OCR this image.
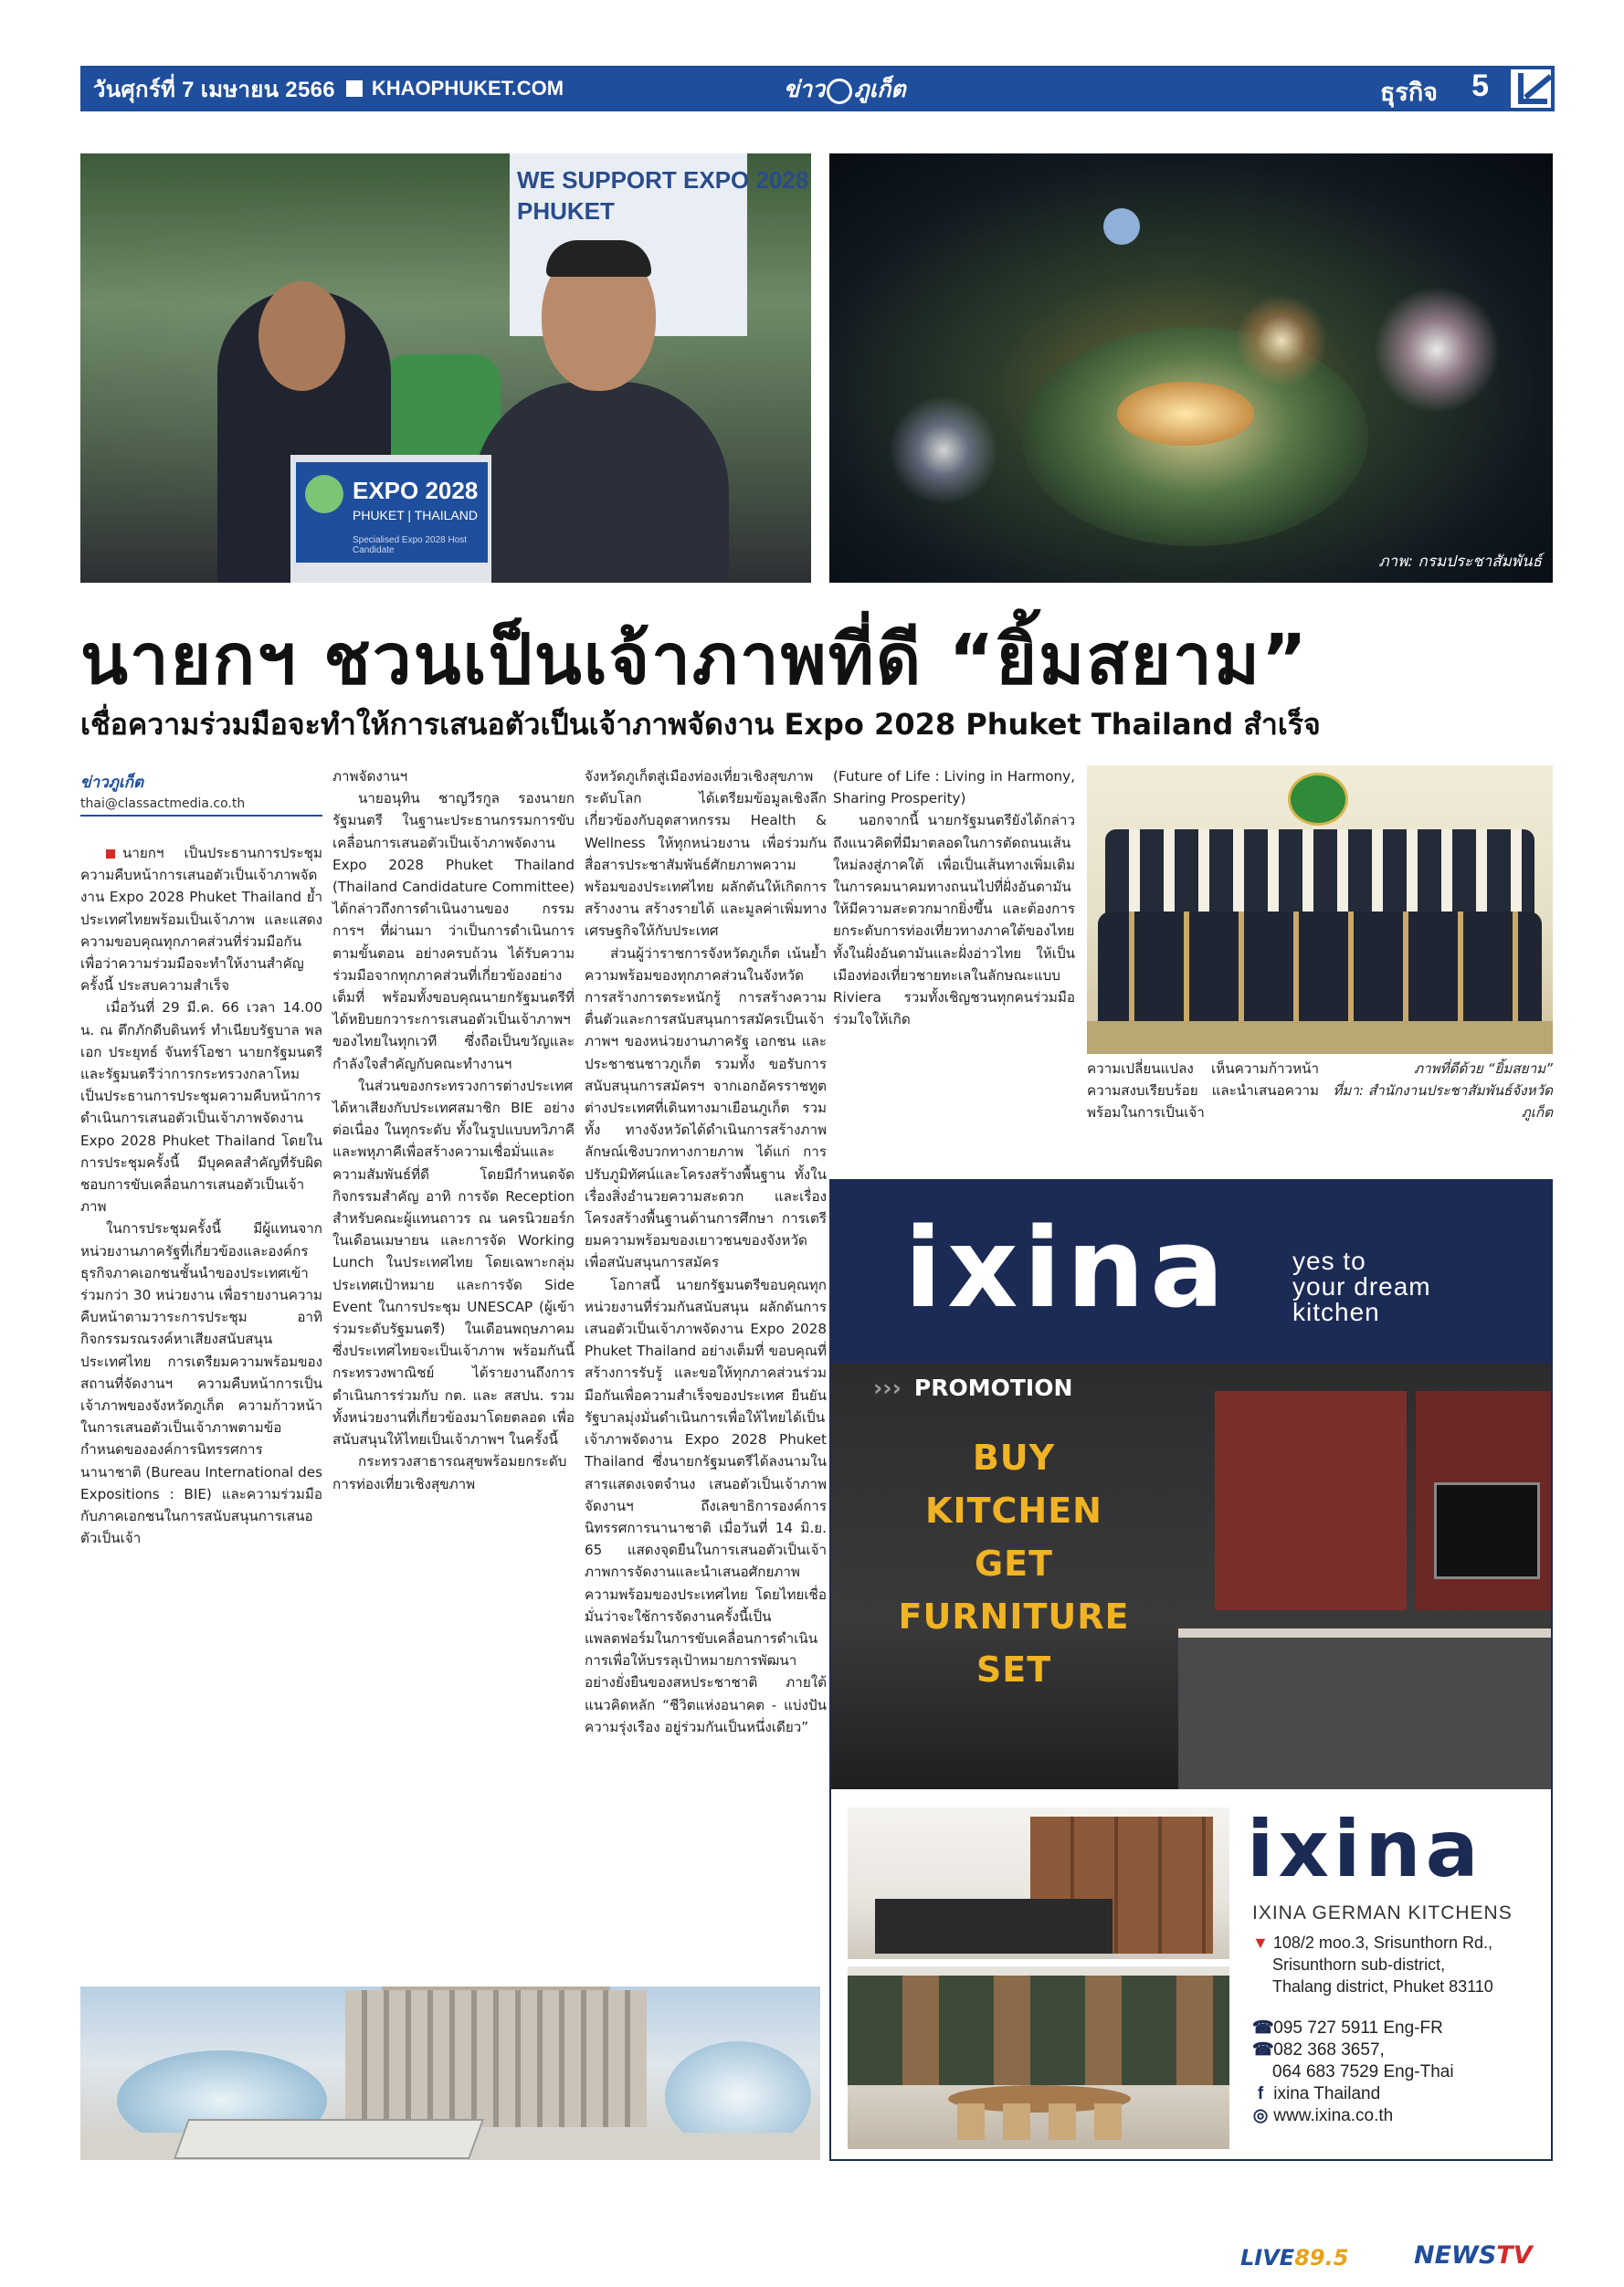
วันศุกร์ที่ 7 เมษายน 2566 KHAOPHUKET.COM	ข่าว ภูเก็ต	ธุรกิจ 5
WE SUPPORT EXPO 2028
PHUKET
EXPO 2028
PHUKET | THAILAND
Specialised Expo 2028 Host Candidate
ภาพ: กรมประชาสัมพันธ์
นายกฯ ชวนเป็นเจ้าภาพที่ดี “ยิ้มสยาม”
เชื่อความร่วมมือจะทำให้การเสนอตัวเป็นเจ้าภาพจัดงาน Expo 2028 Phuket Thailand สำเร็จ
ข่าวภูเก็ต
thai@classactmedia.co.th

นายกฯ เป็นประธานการประชุมความคืบหน้าการเสนอตัวเป็นเจ้าภาพจัดงาน Expo 2028 Phuket Thailand ย้ำประเทศไทยพร้อมเป็นเจ้าภาพ และแสดงความขอบคุณทุกภาคส่วนที่ร่วมมือกันเพื่อว่าความร่วมมือจะทำให้งานสำคัญครั้งนี้ ประสบความสำเร็จ

เมื่อวันที่ 29 มี.ค. 66 เวลา 14.00 น. ณ ตึกภักดีบดินทร์ ทำเนียบรัฐบาล พลเอก ประยุทธ์ จันทร์โอชา นายกรัฐมนตรีและรัฐมนตรีว่าการกระทรวงกลาโหม เป็นประธานการประชุมความคืบหน้าการดำเนินการเสนอตัวเป็นเจ้าภาพจัดงาน Expo 2028 Phuket Thailand โดยในการประชุมครั้งนี้ มีบุคคลสำคัญที่รับผิดชอบการขับเคลื่อนการเสนอตัวเป็นเจ้าภาพ

ในการประชุมครั้งนี้ มีผู้แทนจากหน่วยงานภาครัฐที่เกี่ยวข้องและองค์กรธุรกิจภาคเอกชนชั้นนำของประเทศเข้าร่วมกว่า 30 หน่วยงาน เพื่อรายงานความคืบหน้าตามวาระการประชุม อาทิ กิจกรรมรณรงค์หาเสียงสนับสนุนประเทศไทย การเตรียมความพร้อมของสถานที่จัดงานฯ ความคืบหน้าการเป็นเจ้าภาพของจังหวัดภูเก็ต ความก้าวหน้าในการเสนอตัวเป็นเจ้าภาพตามข้อกำหนดขององค์การนิทรรศการนานาชาติ (Bureau International des Expositions : BIE) และความร่วมมือกับภาคเอกชนในการสนับสนุนการเสนอตัวเป็นเจ้า

ภาพจัดงานฯ

นายอนุทิน ชาญวีรกูล รองนายกรัฐมนตรี ในฐานะประธานกรรมการขับเคลื่อนการเสนอตัวเป็นเจ้าภาพจัดงาน Expo 2028 Phuket Thailand (Thailand Candidature Committee) ได้กล่าวถึงการดำเนินงานของ กรรมการฯ ที่ผ่านมา ว่าเป็นการดำเนินการตามขั้นตอน อย่างครบถ้วน ได้รับความร่วมมือจากทุกภาคส่วนที่เกี่ยวข้องอย่างเต็มที่ พร้อมทั้งขอบคุณนายกรัฐมนตรีที่ได้หยิบยกวาระการเสนอตัวเป็นเจ้าภาพฯ ของไทยในทุกเวที ซึ่งถือเป็นขวัญและกำลังใจสำคัญกับคณะทำงานฯ

ในส่วนของกระทรวงการต่างประเทศได้หาเสียงกับประเทศสมาชิก BIE อย่างต่อเนื่อง ในทุกระดับ ทั้งในรูปแบบทวิภาคีและพหุภาคีเพื่อสร้างความเชื่อมั่นและความสัมพันธ์ที่ดี โดยมีกำหนดจัดกิจกรรมสำคัญ อาทิ การจัด Reception สำหรับคณะผู้แทนถาวร ณ นครนิวยอร์กในเดือนเมษายน และการจัด Working Lunch ในประเทศไทย โดยเฉพาะกลุ่มประเทศเป้าหมาย และการจัด Side Event ในการประชุม UNESCAP (ผู้เข้าร่วมระดับรัฐมนตรี) ในเดือนพฤษภาคม ซึ่งประเทศไทยจะเป็นเจ้าภาพ พร้อมกันนี้กระทรวงพาณิชย์ ได้รายงานถึงการดำเนินการร่วมกับ กต. และ สสปน. รวมทั้งหน่วยงานที่เกี่ยวข้องมาโดยตลอด เพื่อสนับสนุนให้ไทยเป็นเจ้าภาพฯ ในครั้งนี้

กระทรวงสาธารณสุขพร้อมยกระดับการท่องเที่ยวเชิงสุขภาพ

จังหวัดภูเก็ตสู่เมืองท่องเที่ยวเชิงสุขภาพระดับโลก ได้เตรียมข้อมูลเชิงลึกเกี่ยวข้องกับอุตสาหกรรม Health & Wellness ให้ทุกหน่วยงาน เพื่อร่วมกันสื่อสารประชาสัมพันธ์ศักยภาพความพร้อมของประเทศไทย ผลักดันให้เกิดการสร้างงาน สร้างรายได้ และมูลค่าเพิ่มทางเศรษฐกิจให้กับประเทศ

ส่วนผู้ว่าราชการจังหวัดภูเก็ต เน้นย้ำความพร้อมของทุกภาคส่วนในจังหวัด การสร้างการตระหนักรู้ การสร้างความตื่นตัวและการสนับสนุนการสมัครเป็นเจ้าภาพฯ ของหน่วยงานภาครัฐ เอกชน และประชาชนชาวภูเก็ต รวมทั้ง ขอรับการสนับสนุนการสมัครฯ จากเอกอัครราชทูตต่างประเทศที่เดินทางมาเยือนภูเก็ต รวมทั้ง ทางจังหวัดได้ดำเนินการสร้างภาพลักษณ์เชิงบวกทางกายภาพ ได้แก่ การปรับภูมิทัศน์และโครงสร้างพื้นฐาน ทั้งในเรื่องสิ่งอำนวยความสะดวก และเรื่องโครงสร้างพื้นฐานด้านการศึกษา การเตรียมความพร้อมของเยาวชนของจังหวัดเพื่อสนับสนุนการสมัคร

โอกาสนี้ นายกรัฐมนตรีขอบคุณทุกหน่วยงานที่ร่วมกันสนับสนุน ผลักดันการเสนอตัวเป็นเจ้าภาพจัดงาน Expo 2028 Phuket Thailand อย่างเต็มที่ ขอบคุณที่สร้างการรับรู้ และขอให้ทุกภาคส่วนร่วมมือกันเพื่อความสำเร็จของประเทศ ยืนยันรัฐบาลมุ่งมั่นดำเนินการเพื่อให้ไทยได้เป็นเจ้าภาพจัดงาน Expo 2028 Phuket Thailand ซึ่งนายกรัฐมนตรีได้ลงนามในสารแสดงเจตจำนง เสนอตัวเป็นเจ้าภาพจัดงานฯ ถึงเลขาธิการองค์การนิทรรศการนานาชาติ เมื่อวันที่ 14 มิ.ย. 65 แสดงจุดยืนในการเสนอตัวเป็นเจ้าภาพการจัดงานและนำเสนอศักยภาพความพร้อมของประเทศไทย โดยไทยเชื่อมั่นว่าจะใช้การจัดงานครั้งนี้เป็นแพลตฟอร์มในการขับเคลื่อนการดำเนินการเพื่อให้บรรลุเป้าหมายการพัฒนาอย่างยั่งยืนของสหประชาชาติ ภายใต้แนวคิดหลัก “ชีวิตแห่งอนาคต - แบ่งปันความรุ่งเรือง อยู่ร่วมกันเป็นหนึ่งเดียว”

(Future of Life : Living in Harmony, Sharing Prosperity)

นอกจากนี้ นายกรัฐมนตรียังได้กล่าวถึงแนวคิดที่มีมาตลอดในการตัดถนนเส้นใหม่ลงสู่ภาคใต้ เพื่อเป็นเส้นทางเพิ่มเติมในการคมนาคมทางถนนไปที่ฝั่งอันดามัน ให้มีความสะดวกมากยิ่งขึ้น และต้องการยกระดับการท่องเที่ยวทางภาคใต้ของไทยทั้งในฝั่งอันดามันและฝั่งอ่าวไทย ให้เป็นเมืองท่องเที่ยวชายทะเลในลักษณะแบบ Riviera รวมทั้งเชิญชวนทุกคนร่วมมือร่วมใจให้เกิด

ความเปลี่ยนแปลง เห็นความก้าวหน้า ความสงบเรียบร้อย และนำเสนอความพร้อมในการเป็นเจ้า

ภาพที่ดีด้วย “ยิ้มสยาม”
ที่มา: สำนักงานประชาสัมพันธ์จังหวัดภูเก็ต
ixina yes to
your dream
kitchen
››› PROMOTION
BUY
KITCHEN
GET
FURNITURE
SET
ixina
IXINA GERMAN KITCHENS
▼ 108/2 moo.3, Srisunthorn Rd.,
Srisunthorn sub-district,
Thalang district, Phuket 83110
☎ 095 727 5911 Eng-FR
☎ 082 368 3657,
064 683 7529 Eng-Thai
f ixina Thailand
◎ www.ixina.co.th
LIVE89.5	NEWSTV
